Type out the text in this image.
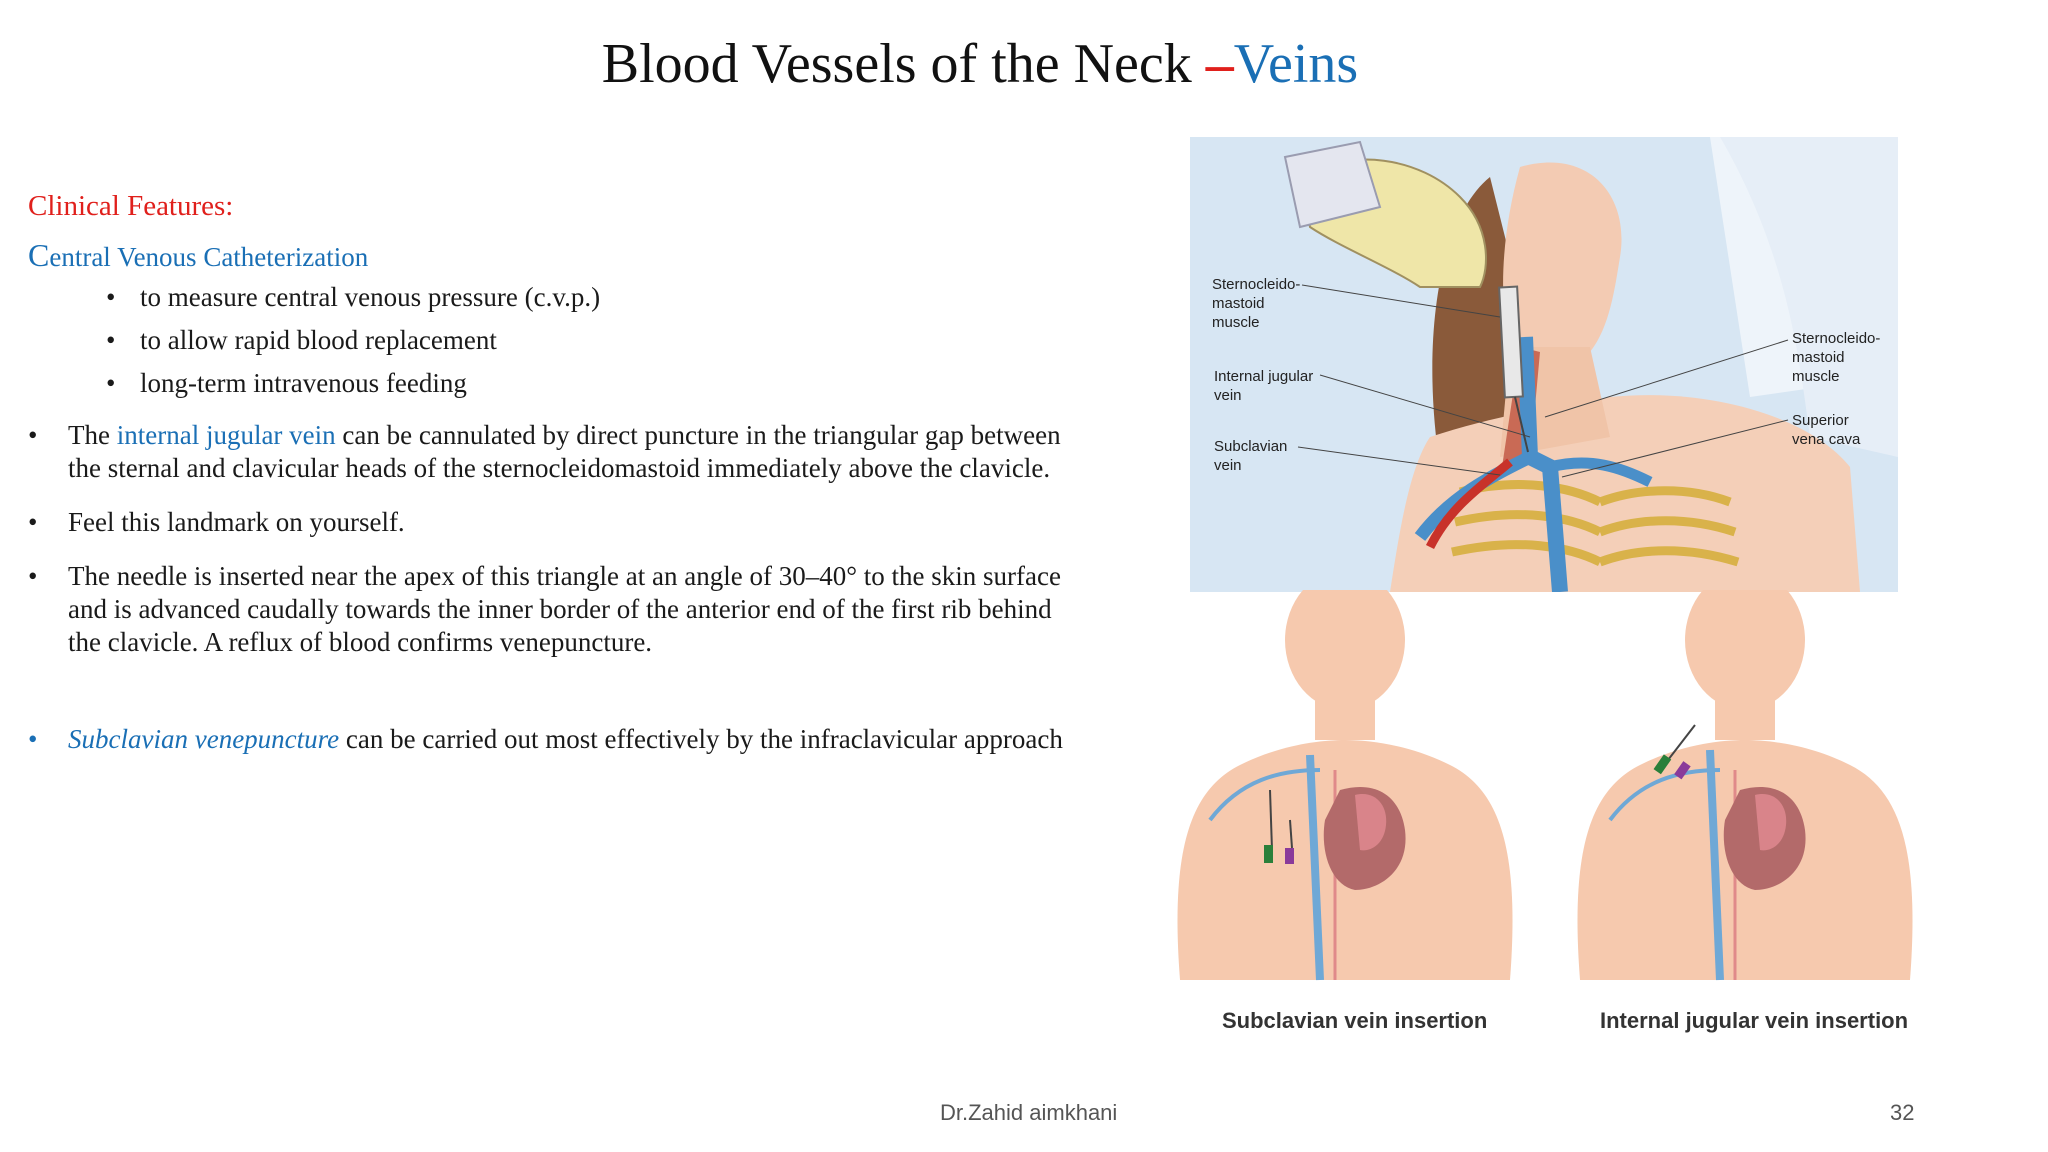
Blood Vessels of the Neck –Veins
Clinical Features:
Central Venous Catheterization
• to measure central venous pressure (c.v.p.)
• to allow rapid blood replacement
• long-term intravenous feeding
• The internal jugular vein can be cannulated by direct puncture in the triangular gap between the sternal and clavicular heads of the sternocleidomastoid immediately above the clavicle.
• Feel this landmark on yourself.
• The needle is inserted near the apex of this triangle at an angle of 30–40° to the skin surface and is advanced caudally towards the inner border of the anterior end of the first rib behind the clavicle. A reflux of blood confirms venepuncture.
• Subclavian venepuncture can be carried out most effectively by the infraclavicular approach
Sternocleido-
mastoid
muscle
Internal jugular
vein
Subclavian
vein
Sternocleido-
mastoid
muscle
Superior
vena cava
Subclavian vein insertion	Internal jugular vein insertion
Dr.Zahid aimkhani	32
